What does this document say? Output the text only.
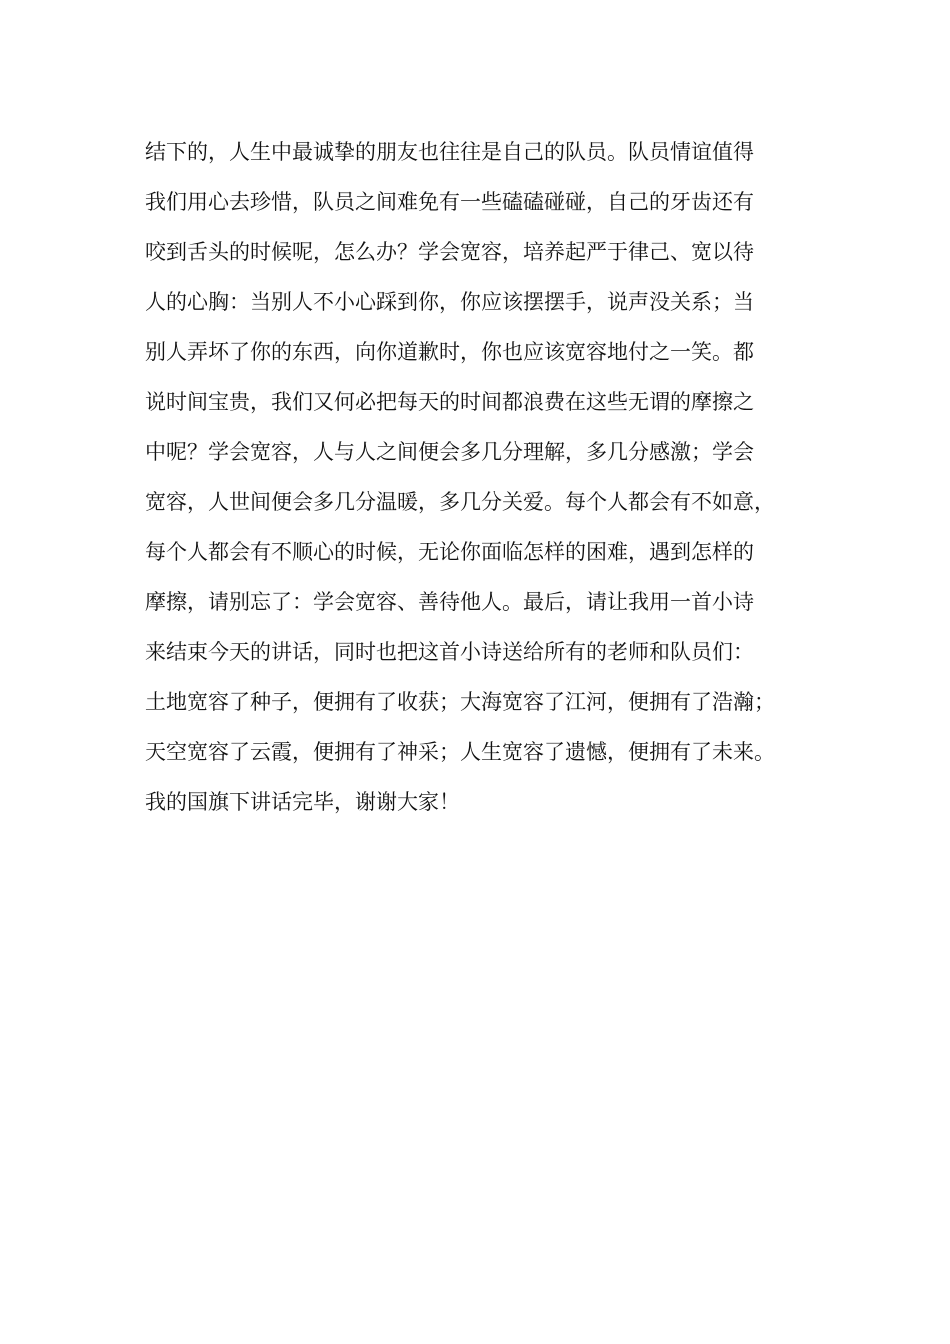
结下的，人生中最诚挚的朋友也往往是自己的队员。队员情谊值得
我们用心去珍惜，队员之间难免有一些磕磕碰碰，自己的牙齿还有
咬到舌头的时候呢，怎么办？学会宽容，培养起严于律己、宽以待
人的心胸：当别人不小心踩到你，你应该摆摆手，说声没关系；当
别人弄坏了你的东西，向你道歉时，你也应该宽容地付之一笑。都
说时间宝贵，我们又何必把每天的时间都浪费在这些无谓的摩擦之
中呢？学会宽容，人与人之间便会多几分理解，多几分感激；学会
宽容，人世间便会多几分温暖，多几分关爱。每个人都会有不如意，
每个人都会有不顺心的时候，无论你面临怎样的困难，遇到怎样的
摩擦，请别忘了：学会宽容、善待他人。最后，请让我用一首小诗
来结束今天的讲话，同时也把这首小诗送给所有的老师和队员们：
土地宽容了种子，便拥有了收获；大海宽容了江河，便拥有了浩瀚；
天空宽容了云霞，便拥有了神采；人生宽容了遗憾，便拥有了未来。
我的国旗下讲话完毕，谢谢大家！
